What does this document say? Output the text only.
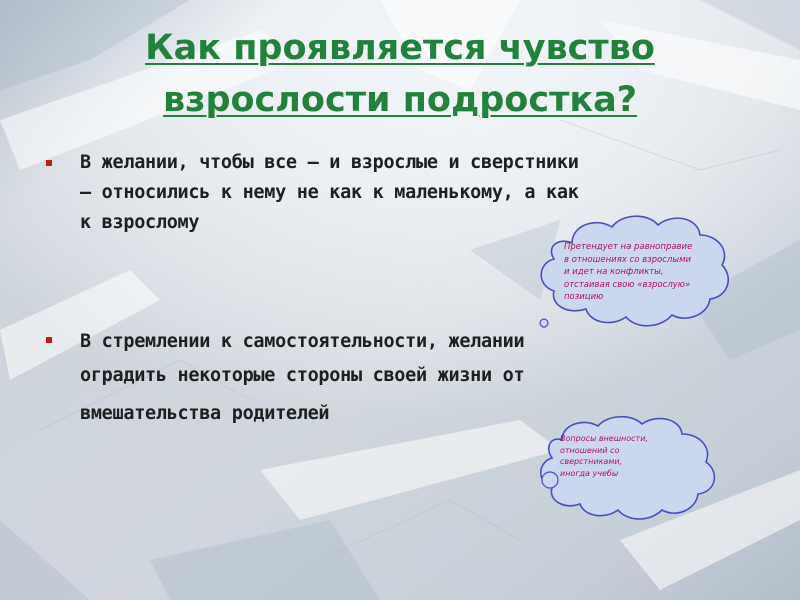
Как проявляется чувство
взрослости подростка?
В желании, чтобы все – и взрослые и сверстники
– относились к нему не как к маленькому, а как
к взрослому
В стремлении к самостоятельности, желании
оградить некоторые стороны своей жизни от
вмешательства родителей
Претендует на равноправие
в отношениях со взрослыми
и идет на конфликты,
отстаивая свою «взрослую»
позицию
Вопросы внешности,
отношений со
сверстниками,
иногда учебы
